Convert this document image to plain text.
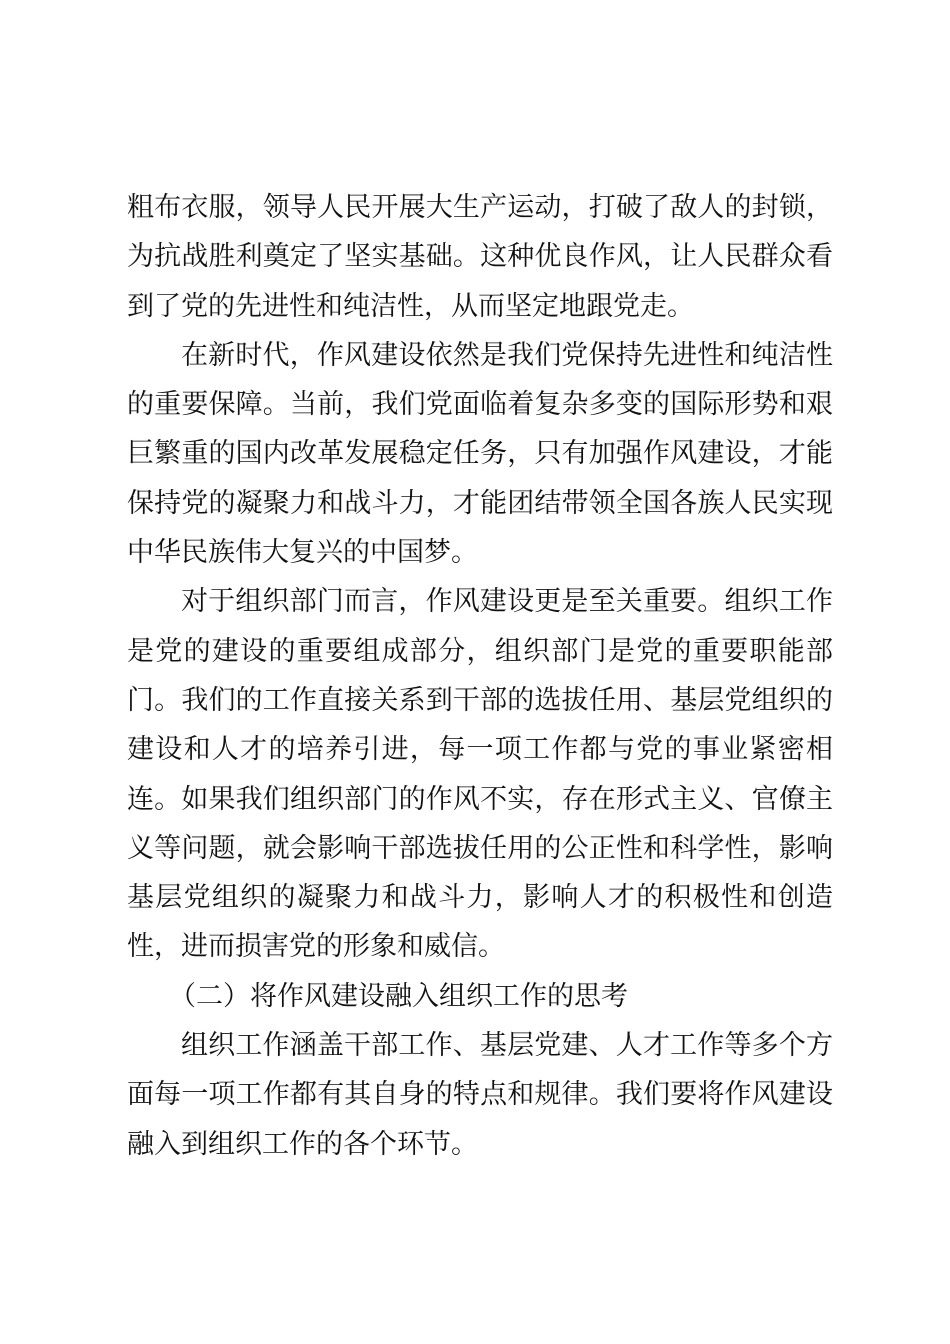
粗布衣服，领导人民开展大生产运动，打破了敌人的封锁，为抗战胜利奠定了坚实基础。这种优良作风，让人民群众看到了党的先进性和纯洁性，从而坚定地跟党走。

在新时代，作风建设依然是我们党保持先进性和纯洁性的重要保障。当前，我们党面临着复杂多变的国际形势和艰巨繁重的国内改革发展稳定任务，只有加强作风建设，才能保持党的凝聚力和战斗力，才能团结带领全国各族人民实现中华民族伟大复兴的中国梦。

对于组织部门而言，作风建设更是至关重要。组织工作是党的建设的重要组成部分，组织部门是党的重要职能部门。我们的工作直接关系到干部的选拔任用、基层党组织的建设和人才的培养引进，每一项工作都与党的事业紧密相连。如果我们组织部门的作风不实，存在形式主义、官僚主义等问题，就会影响干部选拔任用的公正性和科学性，影响基层党组织的凝聚力和战斗力，影响人才的积极性和创造性，进而损害党的形象和威信。

（二）将作风建设融入组织工作的思考

组织工作涵盖干部工作、基层党建、人才工作等多个方面每一项工作都有其自身的特点和规律。我们要将作风建设融入到组织工作的各个环节。
